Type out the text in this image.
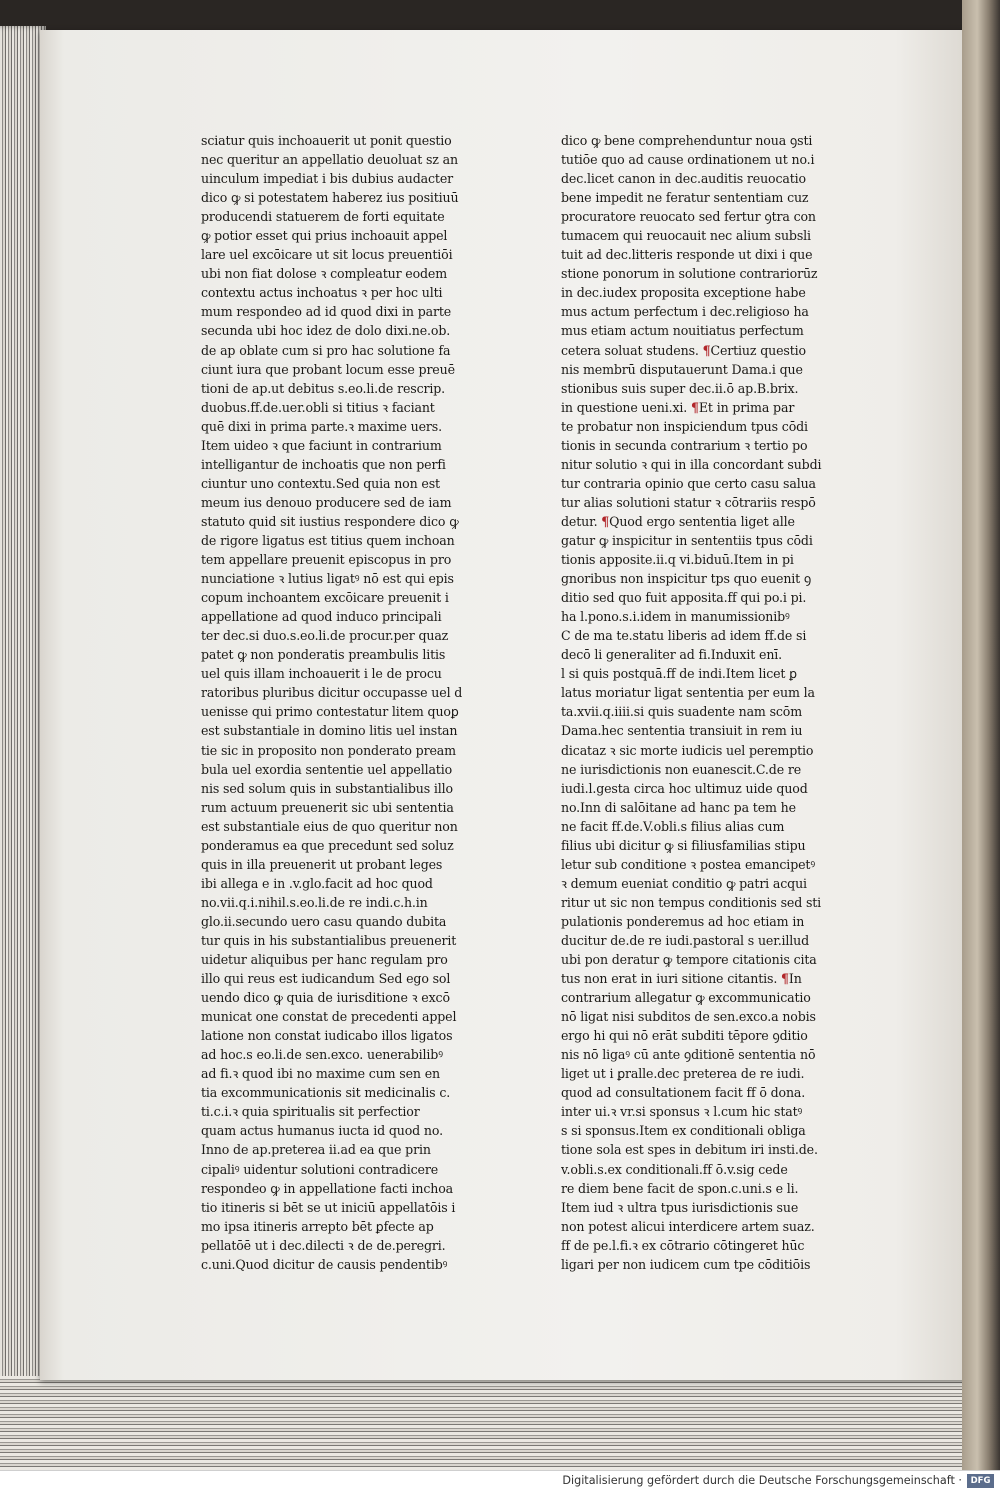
sciatur quis inchoauerit ut ponit questio
nec queritur an appellatio deuoluat sz an
uinculum impediat i bis dubius audacter
dico ꝙ si potestatem haberez ius positiuū
producendi statuerem de forti equitate
ꝙ potior esset qui prius inchoauit appel
lare uel excōicare ut sit locus preuentiōi
ubi non fiat dolose ꝛ compleatur eodem
contextu actus inchoatus ꝛ per hoc ulti
mum respondeo ad id quod dixi in parte
secunda ubi hoc idez de dolo dixi.ne.ob.
de ap oblate cum si pro hac solutione fa
ciunt iura que probant locum esse preuē
tioni de ap.ut debitus s.eo.li.de rescrip.
duobus.ff.de.uer.obli si titius ꝛ faciant
quē dixi in prima parte.ꝛ maxime uers.
Item uideo ꝛ que faciunt in contrarium
intelligantur de inchoatis que non perfi
ciuntur uno contextu.Sed quia non est
meum ius denouo producere sed de iam
statuto quid sit iustius respondere dico ꝙ
de rigore ligatus est titius quem inchoan
tem appellare preuenit episcopus in pro
nunciatione ꝛ lutius ligatꝰ nō est qui epis
copum inchoantem excōicare preuenit i
appellatione ad quod induco principali
ter dec.si duo.s.eo.li.de procur.per quaz
patet ꝙ non ponderatis preambulis litis
uel quis illam inchoauerit i le de procu
ratoribus pluribus dicitur occupasse uel d
uenisse qui primo contestatur litem quoꝑ
est substantiale in domino litis uel instan
tie sic in proposito non ponderato pream
bula uel exordia sententie uel appellatio
nis sed solum quis in substantialibus illo
rum actuum preuenerit sic ubi sententia
est substantiale eius de quo queritur non
ponderamus ea que precedunt sed soluz
quis in illa preuenerit ut probant leges
ibi allega e in .v.glo.facit ad hoc quod
no.vii.q.i.nihil.s.eo.li.de re indi.c.h.in
glo.ii.secundo uero casu quando dubita
tur quis in his substantialibus preuenerit
uidetur aliquibus per hanc regulam pro
illo qui reus est iudicandum Sed ego sol
uendo dico ꝙ quia de iurisditione ꝛ excō
municat one constat de precedenti appel
latione non constat iudicabo illos ligatos
ad hoc.s eo.li.de sen.exco. uenerabilibꝰ
ad fi.ꝛ quod ibi no maxime cum sen en
tia excommunicationis sit medicinalis c.
ti.c.i.ꝛ quia spiritualis sit perfectior
quam actus humanus iucta id quod no.
Inno de ap.preterea ii.ad ea que prin
cipaliꝰ uidentur solutioni contradicere
respondeo ꝙ in appellatione facti inchoa
tio itineris si bēt se ut iniciū appellatōis i
mo ipsa itineris arrepto bēt ꝑfecte ap
pellatōē ut i dec.dilecti ꝛ de de.peregri.
c.uni.Quod dicitur de causis pendentibꝰ
dico ꝙ bene comprehenduntur noua ꝯsti
tutiōe quo ad cause ordinationem ut no.i
dec.licet canon in dec.auditis reuocatio
bene impedit ne feratur sententiam cuz
procuratore reuocato sed fertur ꝯtra con
tumacem qui reuocauit nec alium subsli
tuit ad dec.litteris responde ut dixi i que
stione ponorum in solutione contrariorūz
in dec.iudex proposita exceptione habe
mus actum perfectum i dec.religioso ha
mus etiam actum nouitiatus perfectum
cetera soluat studens. ¶Certiuz questio
nis membrū disputauerunt Dama.i que
stionibus suis super dec.ii.ō ap.B.brix.
in questione ueni.xi. ¶Et in prima par
te probatur non inspiciendum tpus cōdi
tionis in secunda contrarium ꝛ tertio po
nitur solutio ꝛ qui in illa concordant subdi
tur contraria opinio que certo casu salua
tur alias solutioni statur ꝛ cōtrariis respō
detur. ¶Quod ergo sententia liget alle
gatur ꝙ inspicitur in sententiis tpus cōdi
tionis apposite.ii.q vi.biduū.Item in pi
gnoribus non inspicitur tps quo euenit ꝯ
ditio sed quo fuit apposita.ff qui po.i pi.
ha l.pono.s.i.idem in manumissionibꝰ
C de ma te.statu liberis ad idem ff.de si
decō li generaliter ad fi.Induxit enī.
l si quis postquā.ff de indi.Item licet ꝑ
latus moriatur ligat sententia per eum la
ta.xvii.q.iiii.si quis suadente nam scōm
Dama.hec sententia transiuit in rem iu
dicataz ꝛ sic morte iudicis uel peremptio
ne iurisdictionis non euanescit.C.de re
iudi.l.gesta circa hoc ultimuz uide quod
no.Inn di salōitane ad hanc pa tem he
ne facit ff.de.V.obli.s filius alias cum
filius ubi dicitur ꝙ si filiusfamilias stipu
letur sub conditione ꝛ postea emancipetꝰ
ꝛ demum eueniat conditio ꝙ patri acqui
ritur ut sic non tempus conditionis sed sti
pulationis ponderemus ad hoc etiam in
ducitur de.de re iudi.pastoral s uer.illud
ubi pon deratur ꝙ tempore citationis cita
tus non erat in iuri sitione citantis. ¶In
contrarium allegatur ꝙ excommunicatio
nō ligat nisi subditos de sen.exco.a nobis
ergo hi qui nō erāt subditi tēpore ꝯditio
nis nō ligaꝰ cū ante ꝯditionē sententia nō
liget ut i ꝑralle.dec preterea de re iudi.
quod ad consultationem facit ff ō dona.
inter ui.ꝛ vr.si sponsus ꝛ l.cum hic statꝰ
s si sponsus.Item ex conditionali obliga
tione sola est spes in debitum iri insti.de.
v.obli.s.ex conditionali.ff ō.v.sig cede
re diem bene facit de spon.c.uni.s e li.
Item iud ꝛ ultra tpus iurisdictionis sue
non potest alicui interdicere artem suaz.
ff de pe.l.fi.ꝛ ex cōtrario cōtingeret hūc
ligari per non iudicem cum tpe cōditiōis
Digitalisierung gefördert durch die Deutsche Forschungsgemeinschaft ·	DFG
